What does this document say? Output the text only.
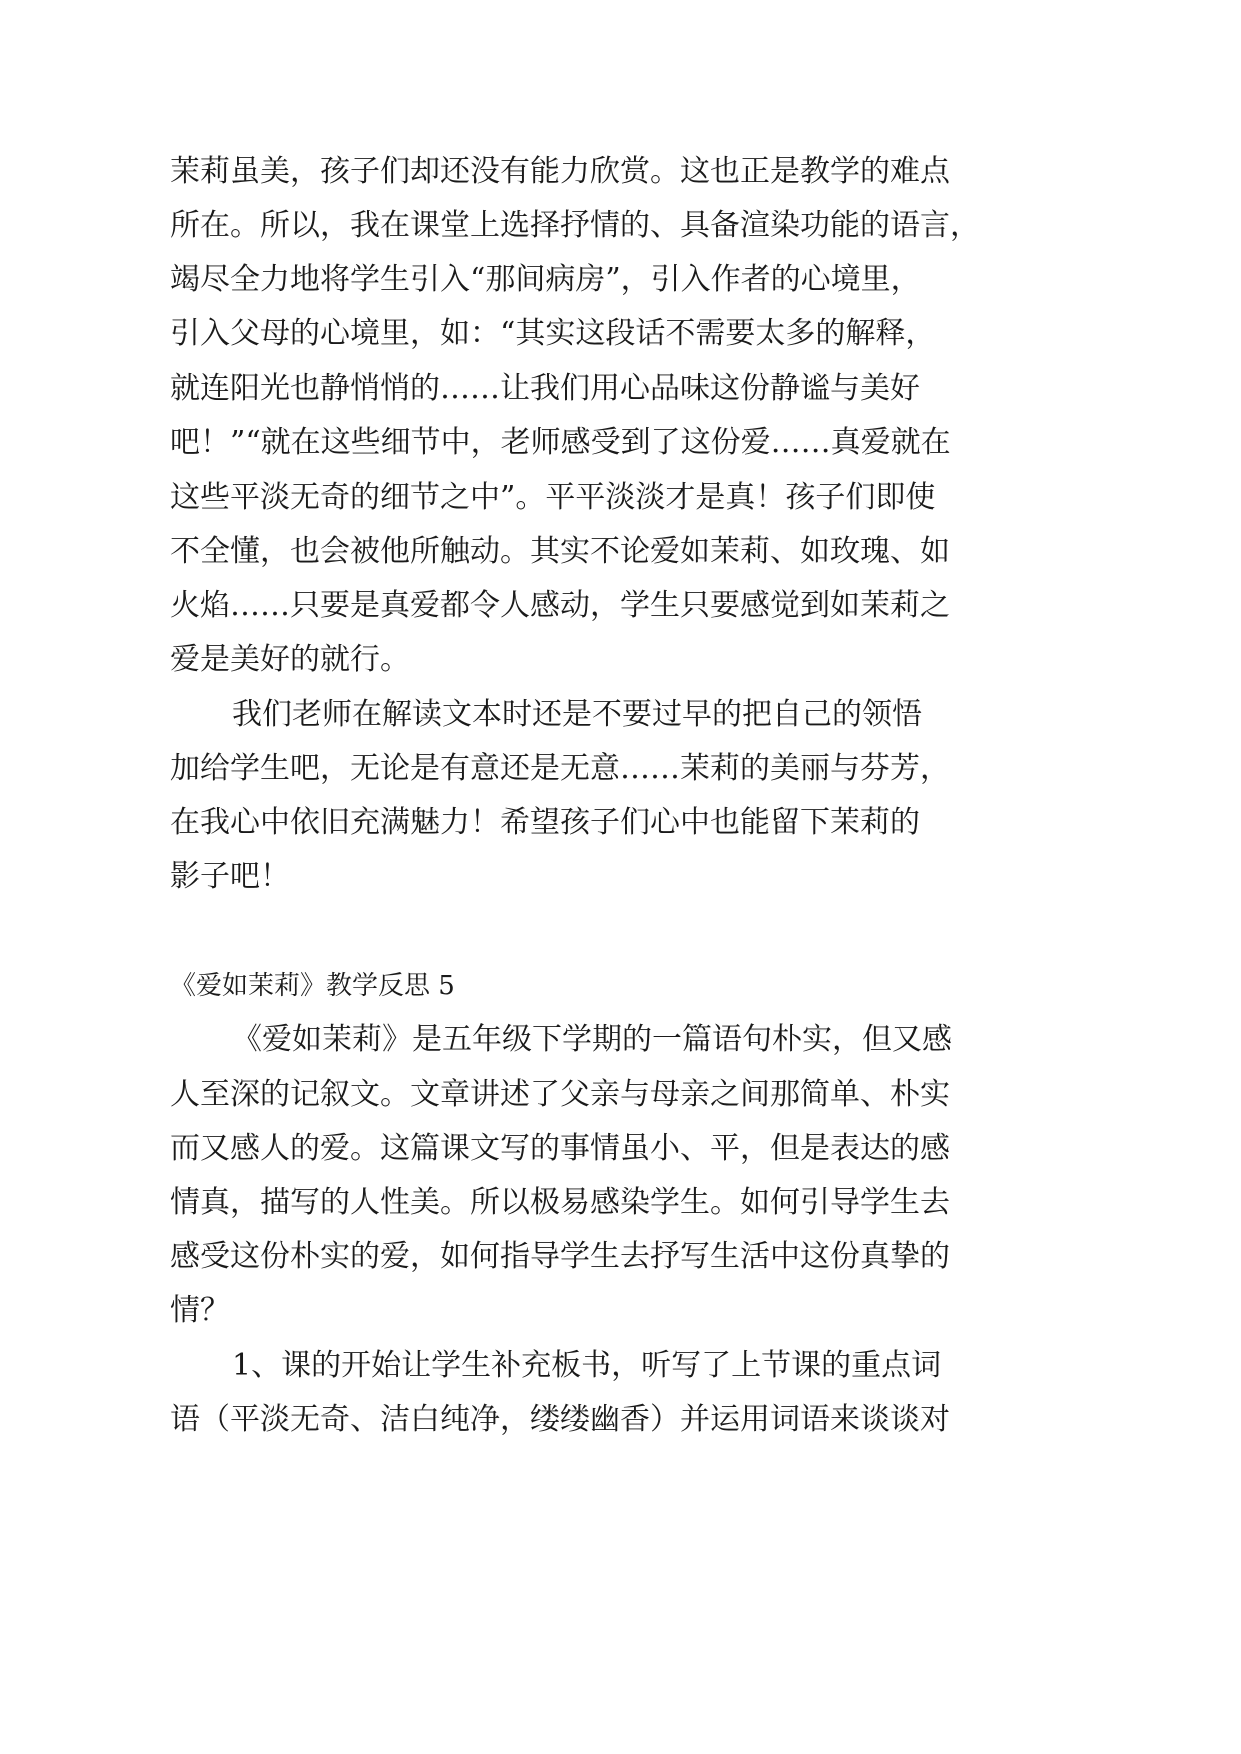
茉莉虽美，孩子们却还没有能力欣赏。这也正是教学的难点
所在。所以，我在课堂上选择抒情的、具备渲染功能的语言，
竭尽全力地将学生引入“那间病房”，引入作者的心境里，
引入父母的心境里，如：“其实这段话不需要太多的解释，
就连阳光也静悄悄的……让我们用心品味这份静谧与美好
吧！”“就在这些细节中，老师感受到了这份爱……真爱就在
这些平淡无奇的细节之中”。平平淡淡才是真！孩子们即使
不全懂，也会被他所触动。其实不论爱如茉莉、如玫瑰、如
火焰……只要是真爱都令人感动，学生只要感觉到如茉莉之
爱是美好的就行。
我们老师在解读文本时还是不要过早的把自己的领悟
加给学生吧，无论是有意还是无意……茉莉的美丽与芬芳，
在我心中依旧充满魅力！希望孩子们心中也能留下茉莉的
影子吧！
《爱如茉莉》教学反思 5
《爱如茉莉》是五年级下学期的一篇语句朴实，但又感
人至深的记叙文。文章讲述了父亲与母亲之间那简单、朴实
而又感人的爱。这篇课文写的事情虽小、平，但是表达的感
情真，描写的人性美。所以极易感染学生。如何引导学生去
感受这份朴实的爱，如何指导学生去抒写生活中这份真挚的
情？
1、课的开始让学生补充板书，听写了上节课的重点词
语（平淡无奇、洁白纯净，缕缕幽香）并运用词语来谈谈对
